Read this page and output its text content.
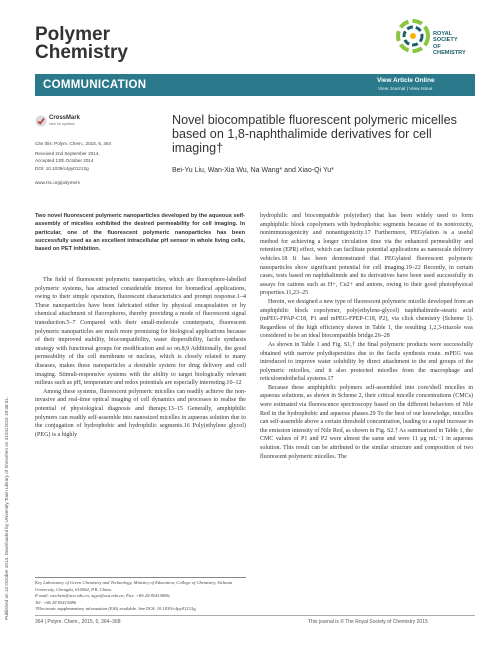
Published on 13 October 2014. Downloaded by University Town Library of Shenzhen on 31/01/2015 19:36:31.
Polymer
Chemistry
ROYAL SOCIETY
OF CHEMISTRY
COMMUNICATION	View Article Online
View Journal | View Issue
CrossMark
click for updates
Cite this: Polym. Chem., 2015, 6, 364
Received 2nd September 2014,
Accepted 13th October 2014
DOI: 10.1039/c4py01212g
www.rsc.org/polymers
Novel biocompatible fluorescent polymeric micelles based on 1,8-naphthalimide derivatives for cell imaging†
Bei-Yu Liu, Wan-Xia Wu, Na Wang* and Xiao-Qi Yu*
Two novel fluorescent polymeric nanoparticles developed by the aqueous self-assembly of micelles exhibited the desired permeability for cell imaging. In particular, one of the fluorescent polymeric nanoparticles has been successfully used as an excellent intracellular pH sensor in whole living cells, based on PET inhibition.

The field of fluorescent polymeric nanoparticles, which are fluorophore-labelled polymeric systems, has attracted considerable interest for biomedical applications, owing to their simple operation, fluorescent characteristics and prompt response.1–4 These nanoparticles have been fabricated either by physical encapsulation or by chemical attachment of fluorophores, thereby providing a mode of fluorescent signal transduction.5–7 Compared with their small-molecule counterparts, fluorescent polymeric nanoparticles are much more promising for biological applications because of their improved stability, biocompatibility, water dispersibility, facile synthesis strategy with functional groups for modification and so on.8,9 Additionally, the good permeability of the cell membrane or nucleus, which is closely related to many diseases, makes these nanoparticles a desirable system for drug delivery and cell imaging. Stimuli-responsive systems with the ability to target biologically relevant milieus such as pH, temperature and redox potentials are especially interesting.10–12

Among these systems, fluorescent polymeric micelles can readily achieve the non-invasive and real-time optical imaging of cell dynamics and processes to realise the potential of physiological diagnosis and therapy.13–15 Generally, amphiphilic polymers can readily self-assemble into nanosized micelles in aqueous solution due to the conjugation of hydrophobic and hydrophilic segments.16 Poly(ethylene glycol) (PEG) is a highly

hydrophilic and biocompatible poly(ether) that has been widely used to form amphiphilic block copolymers with hydrophobic segments because of its nontoxicity, nonimmunogenicity and nonantigenicity.17 Furthermore, PEGylation is a useful method for achieving a longer circulation time via the enhanced permeability and retention (EPR) effect, which can facilitate potential applications as nanoscale delivery vehicles.18 It has been demonstrated that PEGylated fluorescent polymeric nanoparticles show significant potential for cell imaging.19–22 Recently, in certain cases, tests based on naphthalimide and its derivatives have been used successfully in assays for cations such as H+, Cu2+ and anions, owing to their good photophysical properties.11,23–25

Herein, we designed a new type of fluorescent polymeric micelle developed from an amphiphilic block copolymer, poly(ethylene-glycol) naphthalimide-stearic acid (mPEG-FPAP-C18, P1 and mPEG-FPEP-C18, P2), via click chemistry (Scheme 1). Regardless of the high efficiency shown in Table 1, the resulting 1,2,3-triazole was considered to be an ideal biocompatible bridge.26–28

As shown in Table 1 and Fig. S1,† the final polymeric products were successfully obtained with narrow polydispersities due to the facile synthesis route. mPEG was introduced to improve water solubility by direct attachment to the end groups of the polymeric micelles, and it also protected micelles from the macrophage and reticuloendothelial systems.17

Because these amphiphilic polymers self-assembled into core/shell micelles in aqueous solutions, as shown in Scheme 2, their critical micelle concentrations (CMCs) were estimated via fluorescence spectroscopy based on the different behaviors of Nile Red in the hydrophobic and aqueous phases.29 To the best of our knowledge, micelles can self-assemble above a certain threshold concentration, leading to a rapid increase in the emission intensity of Nile Red, as shown in Fig. S2.† As summarized in Table 1, the CMC values of P1 and P2 were almost the same and were 11 μg mL−1 in aqueous solution. This result can be attributed to the similar structure and composition of two fluorescent polymeric micelles. The

Key Laboratory of Green Chemistry and Technology, Ministry of Education, College of Chemistry, Sichuan University, Chengdu, 610064, P.R. China.
E-mail: wnchem@scu.edu.cn, xqyu@scu.edu.cn; Fax: +86 28 85415886;
Tel: +86 28 85415886
†Electronic supplementary information (ESI) available. See DOI: 10.1039/c4py01212g
364 | Polym. Chem., 2015, 6, 364–368	This journal is © The Royal Society of Chemistry 2015
